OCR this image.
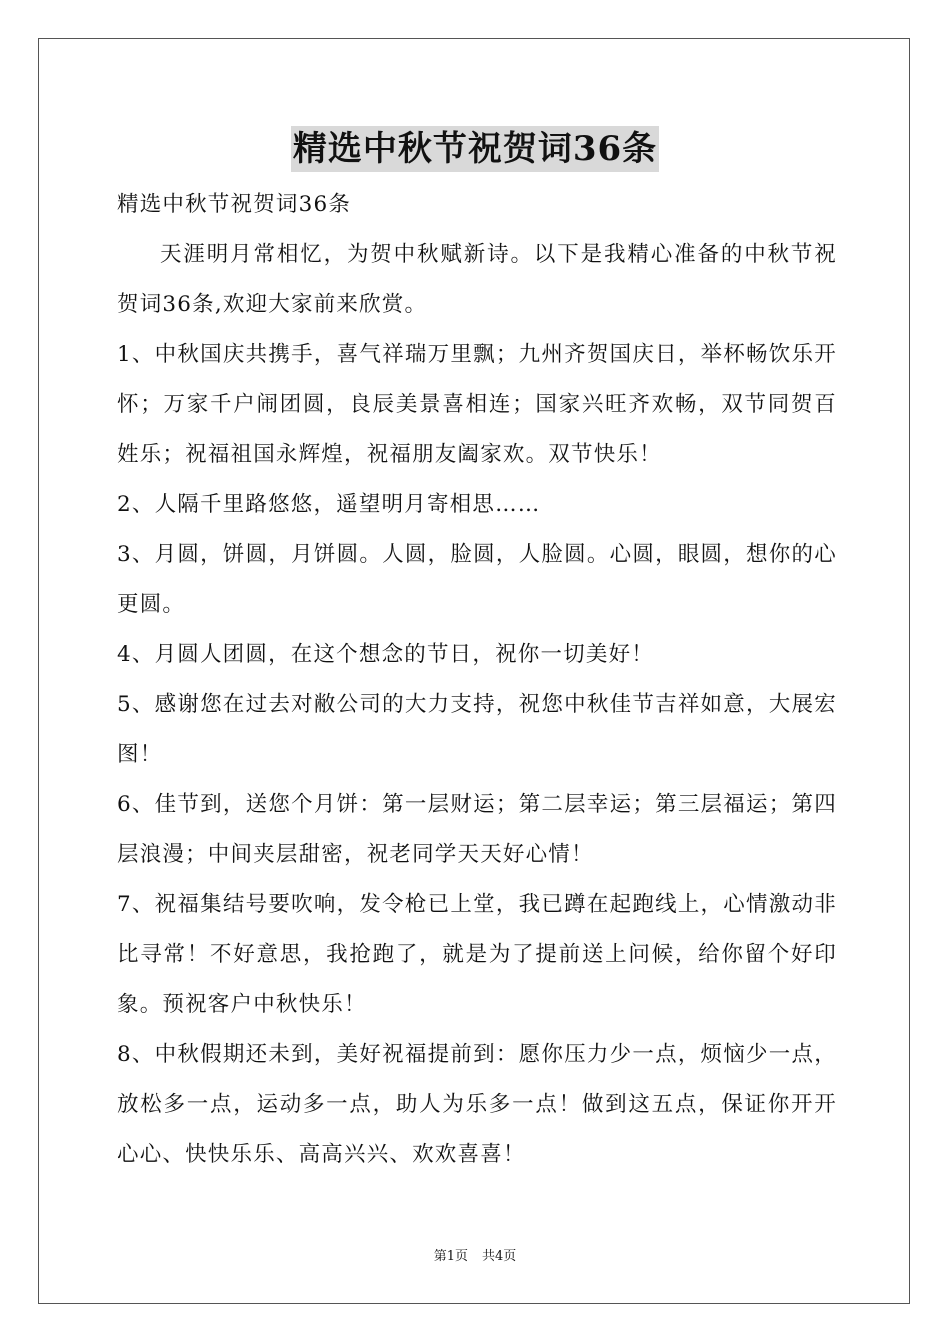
精选中秋节祝贺词36条

精选中秋节祝贺词36条

天涯明月常相忆，为贺中秋赋新诗。以下是我精心准备的中秋节祝贺词36条,欢迎大家前来欣赏。

1、中秋国庆共携手，喜气祥瑞万里飘；九州齐贺国庆日，举杯畅饮乐开怀；万家千户闹团圆，良辰美景喜相连；国家兴旺齐欢畅，双节同贺百姓乐；祝福祖国永辉煌，祝福朋友阖家欢。双节快乐！

2、人隔千里路悠悠，遥望明月寄相思……

3、月圆，饼圆，月饼圆。人圆，脸圆，人脸圆。心圆，眼圆，想你的心更圆。

4、月圆人团圆，在这个想念的节日，祝你一切美好！

5、感谢您在过去对敝公司的大力支持，祝您中秋佳节吉祥如意，大展宏图！

6、佳节到，送您个月饼：第一层财运；第二层幸运；第三层福运；第四层浪漫；中间夹层甜密，祝老同学天天好心情！

7、祝福集结号要吹响，发令枪已上堂，我已蹲在起跑线上，心情激动非比寻常！不好意思，我抢跑了，就是为了提前送上问候，给你留个好印象。预祝客户中秋快乐！

8、中秋假期还未到，美好祝福提前到：愿你压力少一点，烦恼少一点，放松多一点，运动多一点，助人为乐多一点！做到这五点，保证你开开心心、快快乐乐、高高兴兴、欢欢喜喜！

第1页 共4页
